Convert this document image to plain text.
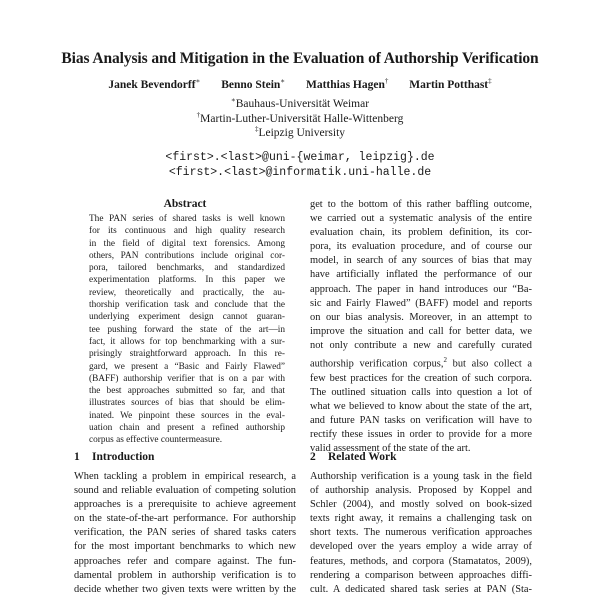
Bias Analysis and Mitigation in the Evaluation of Authorship Verification
Janek Bevendorff∗ Benno Stein∗ Matthias Hagen† Martin Potthast‡
∗Bauhaus-Universität Weimar
†Martin-Luther-Universität Halle-Wittenberg
‡Leipzig University
<first>.<last>@uni-{weimar, leipzig}.de
<first>.<last>@informatik.uni-halle.de
Abstract
The PAN series of shared tasks is well known
for its continuous and high quality research
in the field of digital text forensics. Among
others, PAN contributions include original cor-
pora, tailored benchmarks, and standardized
experimentation platforms. In this paper we
review, theoretically and practically, the au-
thorship verification task and conclude that the
underlying experiment design cannot guaran-
tee pushing forward the state of the art—in
fact, it allows for top benchmarking with a sur-
prisingly straightforward approach. In this re-
gard, we present a “Basic and Fairly Flawed”
(BAFF) authorship verifier that is on a par with
the best approaches submitted so far, and that
illustrates sources of bias that should be elim-
inated. We pinpoint these sources in the eval-
uation chain and present a refined authorship
corpus as effective countermeasure.
1 Introduction
When tackling a problem in empirical research, a
sound and reliable evaluation of competing solution
approaches is a prerequisite to achieve agreement
on the state-of-the-art performance. For authorship
verification, the PAN series of shared tasks caters
for the most important benchmarks to which new
approaches refer and compare against. The fun-
damental problem in authorship verification is to
decide whether two given texts were written by the
get to the bottom of this rather baffling outcome,
we carried out a systematic analysis of the entire
evaluation chain, its problem definition, its cor-
pora, its evaluation procedure, and of course our
model, in search of any sources of bias that may
have artificially inflated the performance of our
approach. The paper in hand introduces our “Ba-
sic and Fairly Flawed” (BAFF) model and reports
on our bias analysis. Moreover, in an attempt to
improve the situation and call for better data, we
not only contribute a new and carefully curated
authorship verification corpus,$^2$ but also collect a
few best practices for the creation of such corpora.
The outlined situation calls into question a lot of
what we believed to know about the state of the art,
and future PAN tasks on verification will have to
rectify these issues in order to provide for a more
valid assessment of the state of the art.
2 Related Work
Authorship verification is a young task in the field
of authorship analysis. Proposed by Koppel and
Schler (2004), and mostly solved on book-sized
texts right away, it remains a challenging task on
short texts. The numerous verification approaches
developed over the years employ a wide array of
features, methods, and corpora (Stamatatos, 2009),
rendering a comparison between approaches diffi-
cult. A dedicated shared task series at PAN (Sta-
